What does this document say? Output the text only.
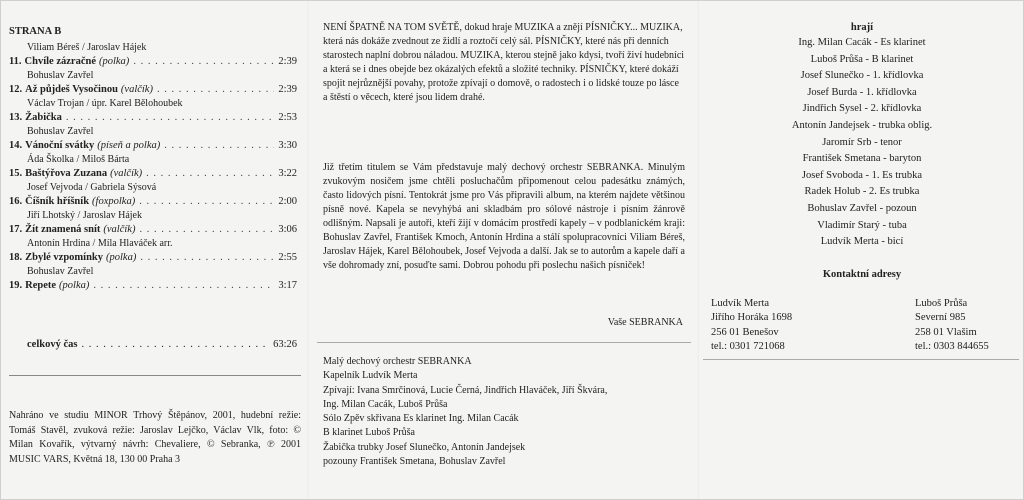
STRANA B
Viliam Béreš / Jaroslav Hájek
11. Chvíle zázračné (polka) . . .	2:39
Bohuslav Zavřel
12. Až půjdeš Vysočinou (valčík) . . .	2:39
Václav Trojan / úpr. Karel Bělohoubek
13. Žabička . . .	2:53
Bohuslav Zavřel
14. Vánoční svátky (píseň a polka) . . .	3:30
Áda Školka / Miloš Bárta
15. Baštýřova Zuzana (valčík) . . .	3:22
Josef Vejvoda / Gabriela Sýsová
16. Číšník hříšník (foxpolka) . . .	2:00
Jiří Lhotský / Jaroslav Hájek
17. Žít znamená snít (valčík) . . .	3:06
Antonín Hrdina / Míla Hlaváček arr.
18. Zbylé vzpomínky (polka) . . .	2:55
Bohuslav Zavřel
19. Repete (polka) . . .	3:17
celkový čas . . .	63:26
Nahráno ve studiu MINOR Trhový Štěpánov, 2001, hudební režie: Tomáš Stavěl, zvuková režie: Jaroslav Lejčko, Václav Vlk, foto: © Milan Kovařík, výtvarný návrh: Chevaliere, © Sebranka, ℗ 2001 MUSIC VARS, Květná 18, 130 00 Praha 3
NENÍ ŠPATNĚ NA TOM SVĚTĚ, dokud hraje MUZIKA a znějí PÍSNIČKY... MUZIKA, která nás dokáže zvednout ze židlí a roztočí celý sál. PÍSNIČKY, které nás při denních starostech naplní dobrou náladou. MUZIKA, kterou stejně jako kdysi, tvoří živí hudebníci a která se i dnes obejde bez okázalých efektů a složité techniky. PÍSNIČKY, které dokáží spojit nejrůznější povahy, protože zpívají o domově, o radostech i o lidské touze po lásce a štěstí o věcech, které jsou lidem drahé.
Již třetím titulem se Vám představuje malý dechový orchestr SEBRANKA. Minulým zvukovým nosičem jsme chtěli posluchačům připomenout celou padesátku známých, často lidových písní. Tentokrát jsme pro Vás připravili album, na kterém najdete většinou písně nové. Kapela se nevyhýbá ani skladbám pro sólové nástroje i písním žánrově odlišným. Napsali je autoři, kteří žijí v domácím prostředí kapely – v podblanickém kraji: Bohuslav Zavřel, František Kmoch, Antonín Hrdina a stálí spolupracovníci Viliam Béreš, Jaroslav Hájek, Karel Bělohoubek, Josef Vejvoda a další. Jak se to autorům a kapele daří a vše dohromady zní, posuďte sami. Dobrou pohodu při poslechu našich písniček!
Vaše SEBRANKA
Malý dechový orchestr SEBRANKA
Kapelník Ludvík Merta
Zpívají: Ivana Smrčinová, Lucie Černá, Jindřich Hlaváček, Jiří Škvára,
Ing. Milan Cacák, Luboš Průša
Sólo Zpěv skřivana Es klarinet Ing. Milan Cacák
B klarinet Luboš Průša
Žabička trubky Josef Slunečko, Antonín Jandejsek
pozouny František Smetana, Bohuslav Zavřel
hrají
Ing. Milan Cacák - Es klarinet
Luboš Průša - B klarinet
Josef Slunečko - 1. křídlovka
Josef Burda - 1. křídlovka
Jindřich Sysel - 2. křídlovka
Antonín Jandejsek - trubka oblig.
Jaromír Srb - tenor
František Smetana - baryton
Josef Svoboda - 1. Es trubka
Radek Holub - 2. Es trubka
Bohuslav Zavřel - pozoun
Vladimír Starý - tuba
Ludvík Merta - bicí
Kontaktní adresy
Ludvík Merta
Jiřího Horáka 1698
256 01 Benešov
tel.: 0301 721068
Luboš Průša
Severní 985
258 01 Vlašim
tel.: 0303 844655
